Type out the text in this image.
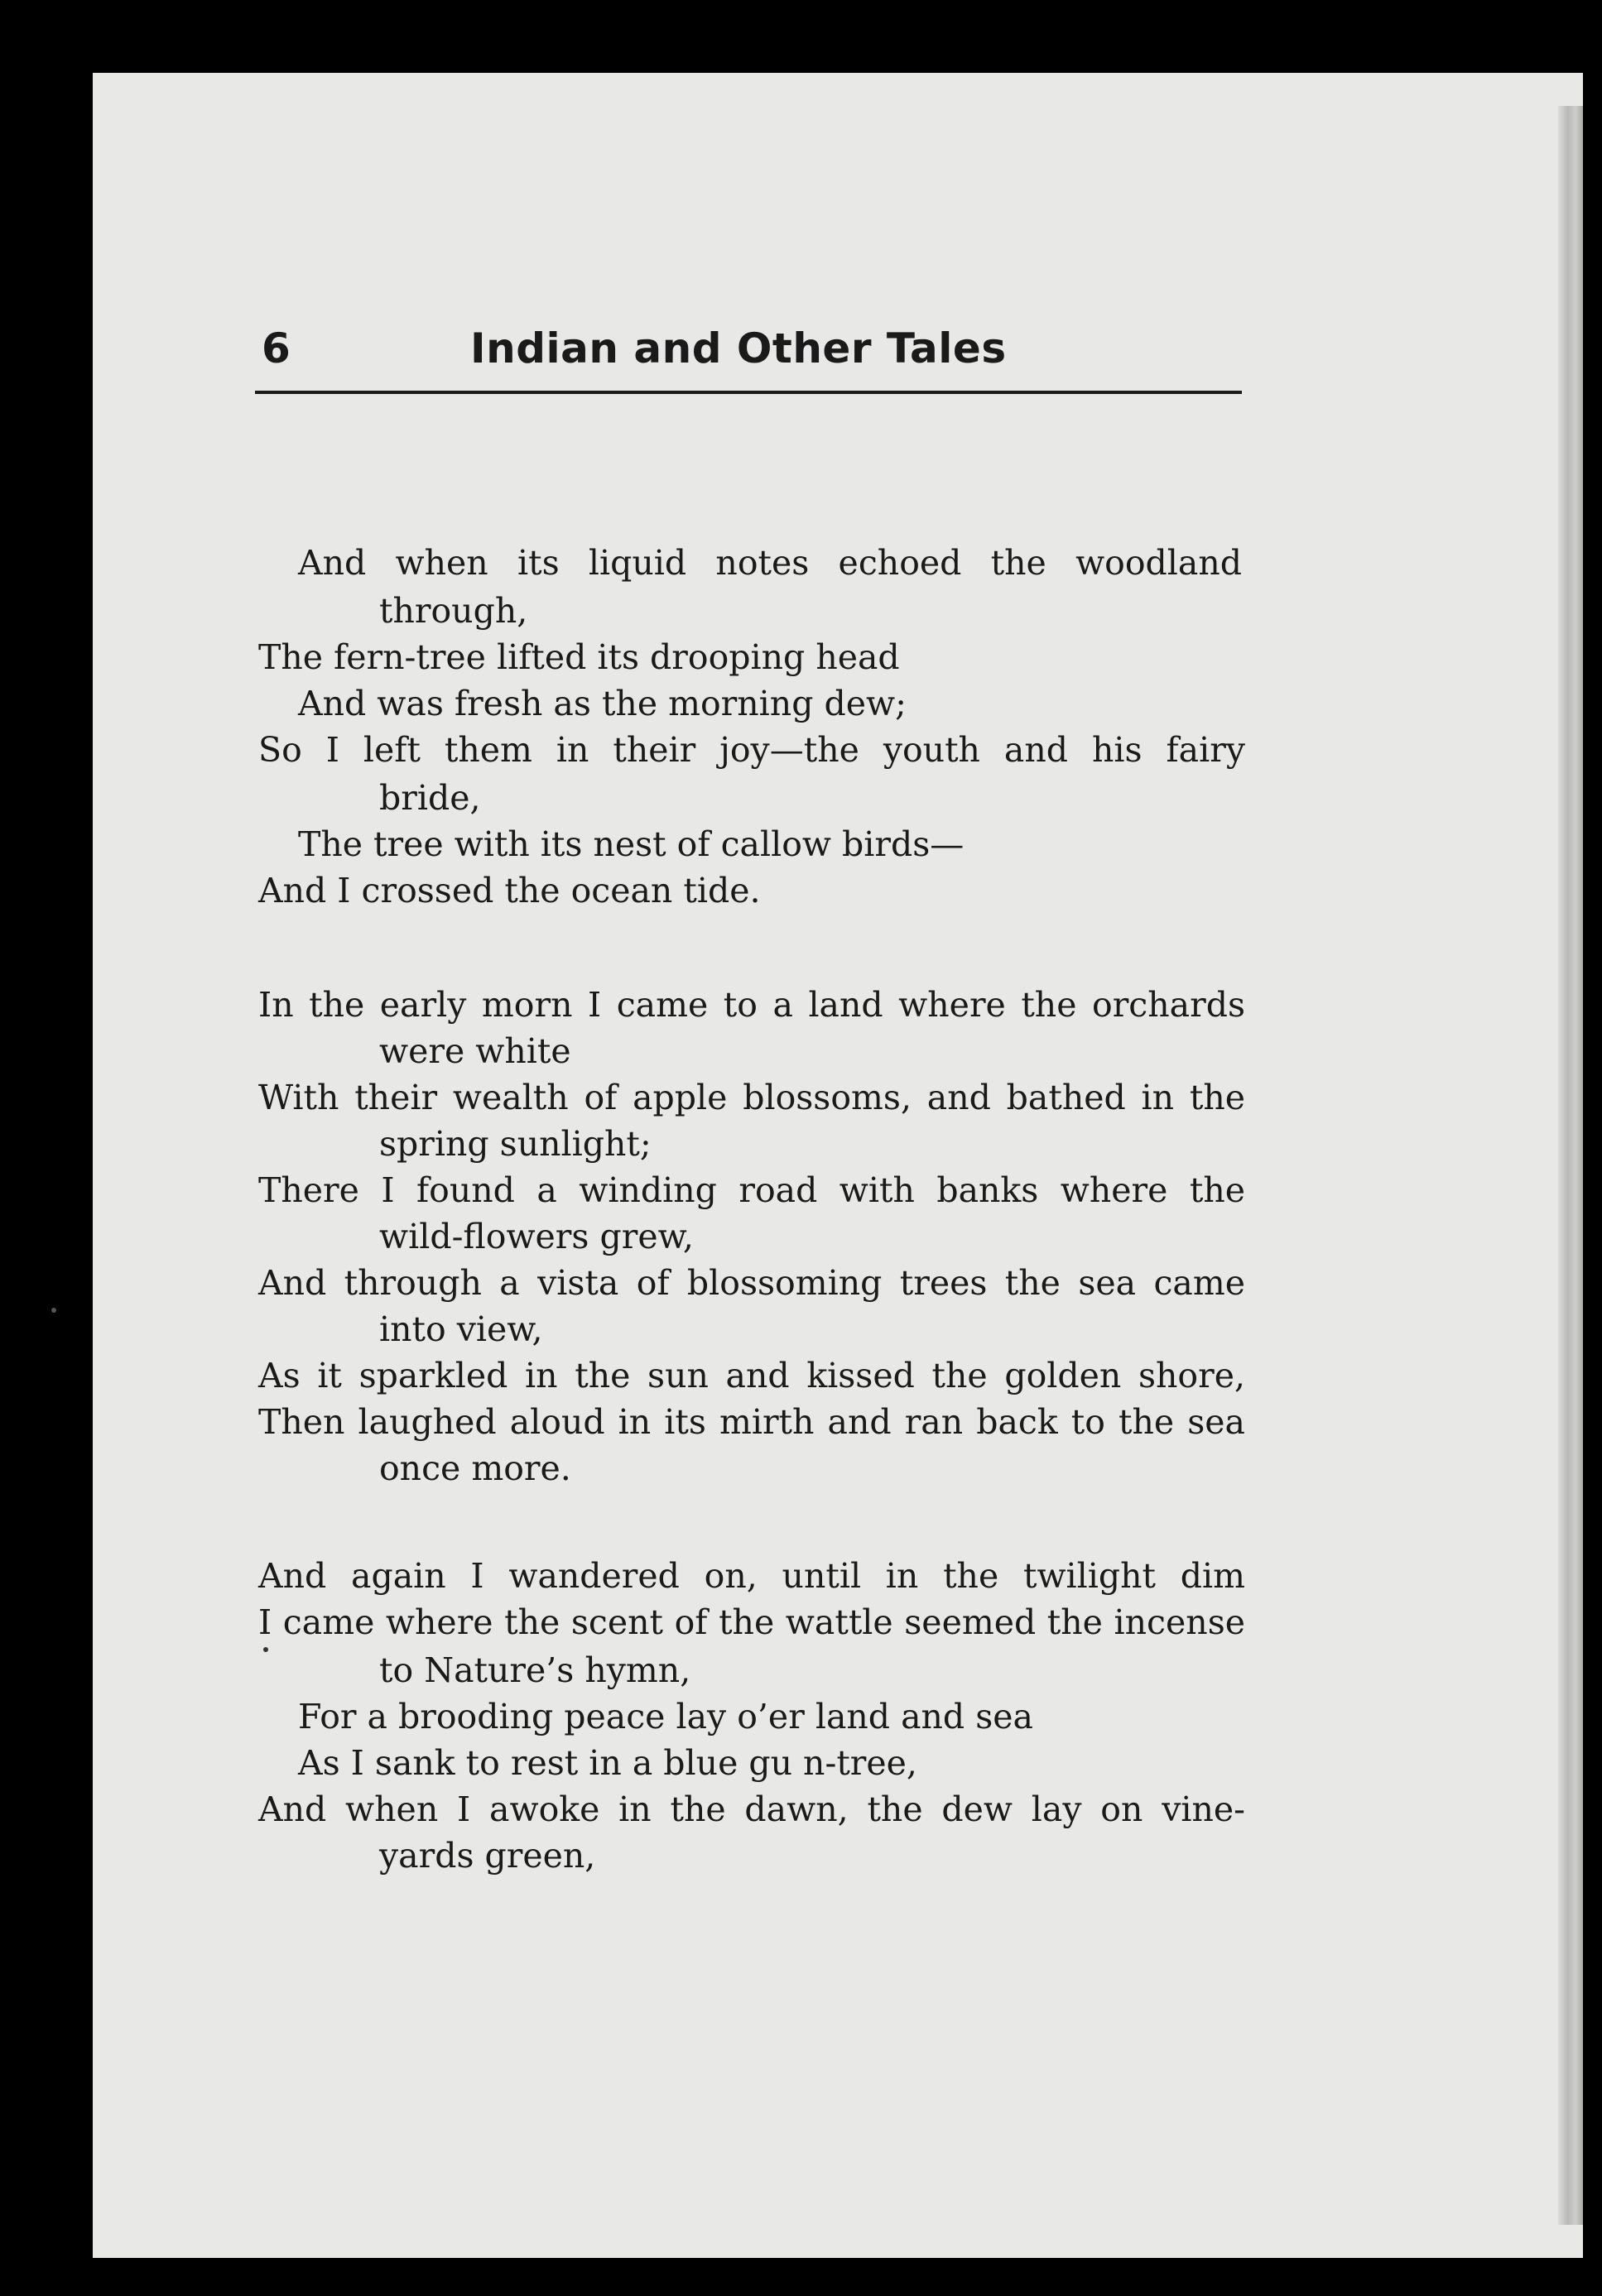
6	Indian and Other Tales
And when its liquid notes echoed the woodland
through,
The fern-tree lifted its drooping head
And was fresh as the morning dew;
So I left them in their joy—the youth and his fairy
bride,
The tree with its nest of callow birds—
And I crossed the ocean tide.
In the early morn I came to a land where the orchards
were white
With their wealth of apple blossoms, and bathed in the
spring sunlight;
There I found a winding road with banks where the
wild-flowers grew,
And through a vista of blossoming trees the sea came
into view,
As it sparkled in the sun and kissed the golden shore,
Then laughed aloud in its mirth and ran back to the sea
once more.
And again I wandered on, until in the twilight dim
I came where the scent of the wattle seemed the incense
to Nature’s hymn,
For a brooding peace lay o’er land and sea
As I sank to rest in a blue gu n-tree,
And when I awoke in the dawn, the dew lay on vine-
yards green,
